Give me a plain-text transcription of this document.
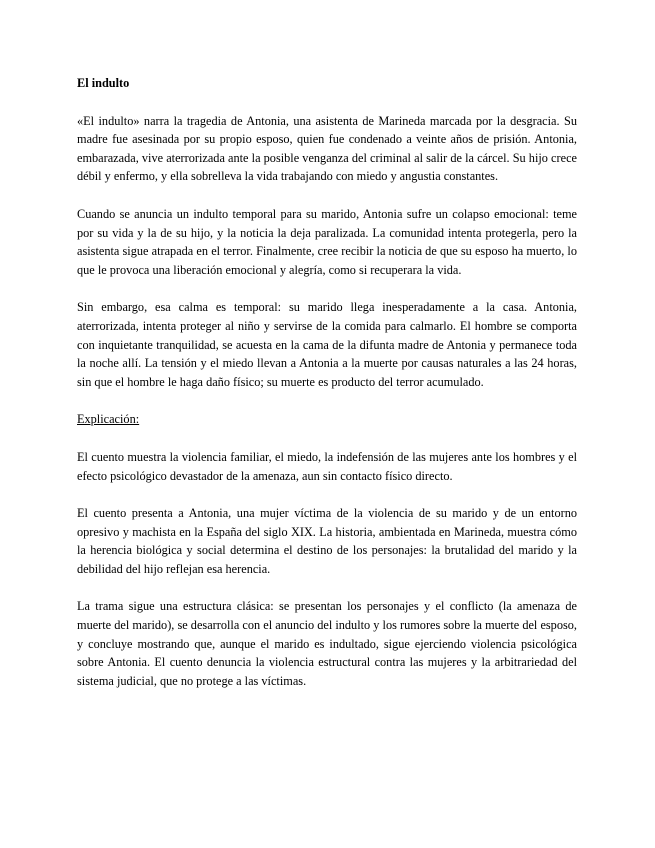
El indulto

«El indulto» narra la tragedia de Antonia, una asistenta de Marineda marcada por la desgracia. Su madre fue asesinada por su propio esposo, quien fue condenado a veinte años de prisión. Antonia, embarazada, vive aterrorizada ante la posible venganza del criminal al salir de la cárcel. Su hijo crece débil y enfermo, y ella sobrelleva la vida trabajando con miedo y angustia constantes.

Cuando se anuncia un indulto temporal para su marido, Antonia sufre un colapso emocional: teme por su vida y la de su hijo, y la noticia la deja paralizada. La comunidad intenta protegerla, pero la asistenta sigue atrapada en el terror. Finalmente, cree recibir la noticia de que su esposo ha muerto, lo que le provoca una liberación emocional y alegría, como si recuperara la vida.

Sin embargo, esa calma es temporal: su marido llega inesperadamente a la casa. Antonia, aterrorizada, intenta proteger al niño y servirse de la comida para calmarlo. El hombre se comporta con inquietante tranquilidad, se acuesta en la cama de la difunta madre de Antonia y permanece toda la noche allí. La tensión y el miedo llevan a Antonia a la muerte por causas naturales a las 24 horas, sin que el hombre le haga daño físico; su muerte es producto del terror acumulado.

Explicación:

El cuento muestra la violencia familiar, el miedo, la indefensión de las mujeres ante los hombres y el efecto psicológico devastador de la amenaza, aun sin contacto físico directo.

El cuento presenta a Antonia, una mujer víctima de la violencia de su marido y de un entorno opresivo y machista en la España del siglo XIX. La historia, ambientada en Marineda, muestra cómo la herencia biológica y social determina el destino de los personajes: la brutalidad del marido y la debilidad del hijo reflejan esa herencia.

La trama sigue una estructura clásica: se presentan los personajes y el conflicto (la amenaza de muerte del marido), se desarrolla con el anuncio del indulto y los rumores sobre la muerte del esposo, y concluye mostrando que, aunque el marido es indultado, sigue ejerciendo violencia psicológica sobre Antonia. El cuento denuncia la violencia estructural contra las mujeres y la arbitrariedad del sistema judicial, que no protege a las víctimas.
